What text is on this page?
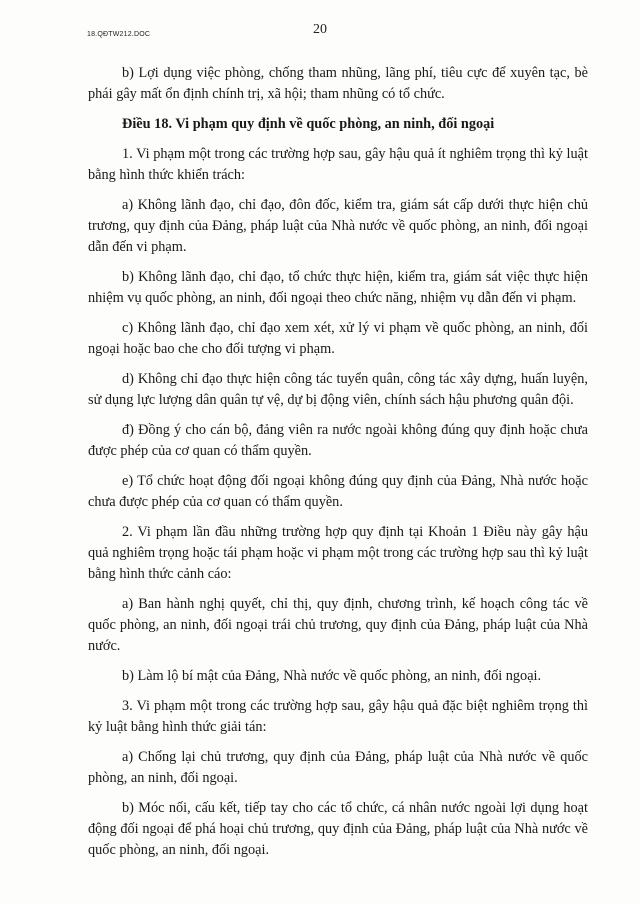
18.QĐTW212.DOC	20

b) Lợi dụng việc phòng, chống tham nhũng, lãng phí, tiêu cực để xuyên tạc, bè phái gây mất ổn định chính trị, xã hội; tham nhũng có tổ chức.

Điều 18. Vi phạm quy định về quốc phòng, an ninh, đối ngoại

1. Vi phạm một trong các trường hợp sau, gây hậu quả ít nghiêm trọng thì kỷ luật bằng hình thức khiển trách:

a) Không lãnh đạo, chỉ đạo, đôn đốc, kiểm tra, giám sát cấp dưới thực hiện chủ trương, quy định của Đảng, pháp luật của Nhà nước về quốc phòng, an ninh, đối ngoại dẫn đến vi phạm.

b) Không lãnh đạo, chỉ đạo, tổ chức thực hiện, kiểm tra, giám sát việc thực hiện nhiệm vụ quốc phòng, an ninh, đối ngoại theo chức năng, nhiệm vụ dẫn đến vi phạm.

c) Không lãnh đạo, chỉ đạo xem xét, xử lý vi phạm về quốc phòng, an ninh, đối ngoại hoặc bao che cho đối tượng vi phạm.

d) Không chỉ đạo thực hiện công tác tuyển quân, công tác xây dựng, huấn luyện, sử dụng lực lượng dân quân tự vệ, dự bị động viên, chính sách hậu phương quân đội.

đ) Đồng ý cho cán bộ, đảng viên ra nước ngoài không đúng quy định hoặc chưa được phép của cơ quan có thẩm quyền.

e) Tổ chức hoạt động đối ngoại không đúng quy định của Đảng, Nhà nước hoặc chưa được phép của cơ quan có thẩm quyền.

2. Vi phạm lần đầu những trường hợp quy định tại Khoản 1 Điều này gây hậu quả nghiêm trọng hoặc tái phạm hoặc vi phạm một trong các trường hợp sau thì kỷ luật bằng hình thức cảnh cáo:

a) Ban hành nghị quyết, chỉ thị, quy định, chương trình, kế hoạch công tác về quốc phòng, an ninh, đối ngoại trái chủ trương, quy định của Đảng, pháp luật của Nhà nước.

b) Làm lộ bí mật của Đảng, Nhà nước về quốc phòng, an ninh, đối ngoại.

3. Vi phạm một trong các trường hợp sau, gây hậu quả đặc biệt nghiêm trọng thì kỷ luật bằng hình thức giải tán:

a) Chống lại chủ trương, quy định của Đảng, pháp luật của Nhà nước về quốc phòng, an ninh, đối ngoại.

b) Móc nối, cấu kết, tiếp tay cho các tổ chức, cá nhân nước ngoài lợi dụng hoạt động đối ngoại để phá hoại chủ trương, quy định của Đảng, pháp luật của Nhà nước về quốc phòng, an ninh, đối ngoại.
